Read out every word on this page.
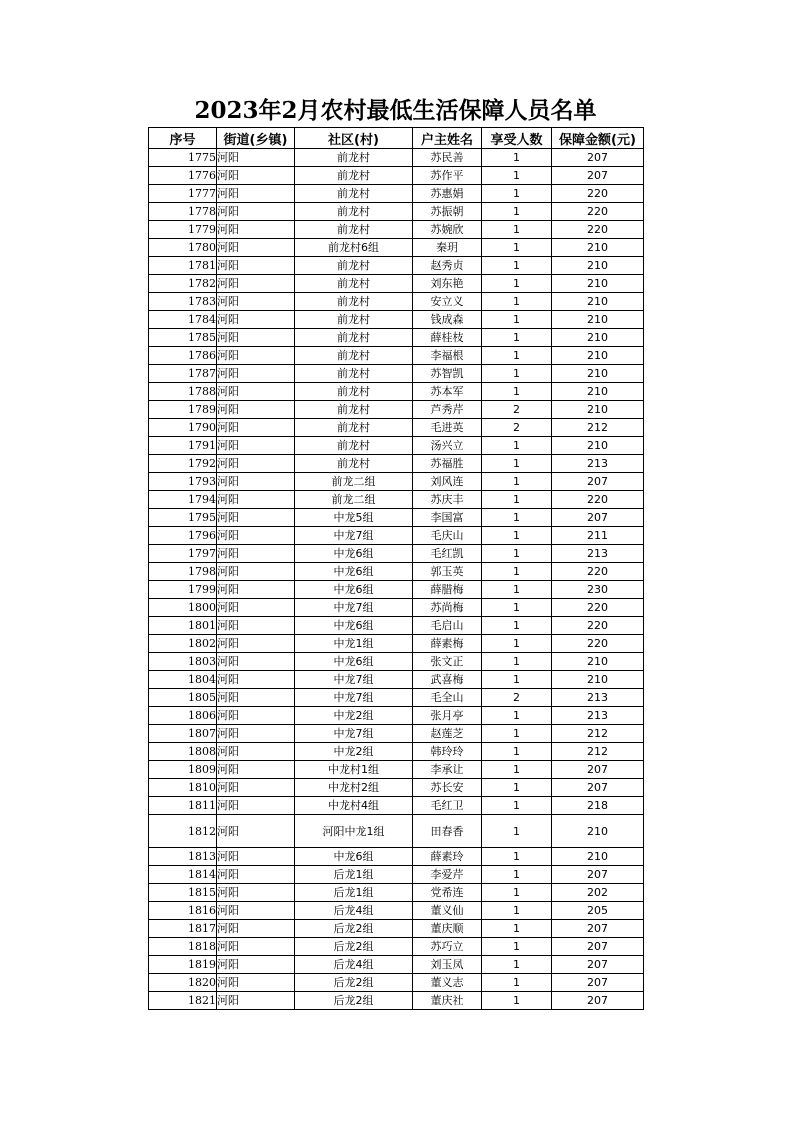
2023年2月农村最低生活保障人员名单
序号	街道(乡镇)	社区(村)	户主姓名	享受人数	保障金额(元)
1775	河阳	前龙村	苏民善	1	207
1776	河阳	前龙村	苏作平	1	207
1777	河阳	前龙村	苏惠娟	1	220
1778	河阳	前龙村	苏振朝	1	220
1779	河阳	前龙村	苏婉欣	1	220
1780	河阳	前龙村6组	秦玥	1	210
1781	河阳	前龙村	赵秀贞	1	210
1782	河阳	前龙村	刘东艳	1	210
1783	河阳	前龙村	安立义	1	210
1784	河阳	前龙村	钱成森	1	210
1785	河阳	前龙村	薛桂枝	1	210
1786	河阳	前龙村	李福根	1	210
1787	河阳	前龙村	苏智凯	1	210
1788	河阳	前龙村	苏本军	1	210
1789	河阳	前龙村	芦秀芹	2	210
1790	河阳	前龙村	毛进英	2	212
1791	河阳	前龙村	汤兴立	1	210
1792	河阳	前龙村	苏福胜	1	213
1793	河阳	前龙二组	刘风连	1	207
1794	河阳	前龙二组	苏庆丰	1	220
1795	河阳	中龙5组	李国富	1	207
1796	河阳	中龙7组	毛庆山	1	211
1797	河阳	中龙6组	毛红凯	1	213
1798	河阳	中龙6组	郭玉英	1	220
1799	河阳	中龙6组	薛腊梅	1	230
1800	河阳	中龙7组	苏尚梅	1	220
1801	河阳	中龙6组	毛启山	1	220
1802	河阳	中龙1组	薛素梅	1	220
1803	河阳	中龙6组	张文正	1	210
1804	河阳	中龙7组	武喜梅	1	210
1805	河阳	中龙7组	毛全山	2	213
1806	河阳	中龙2组	张月亭	1	213
1807	河阳	中龙7组	赵莲芝	1	212
1808	河阳	中龙2组	韩玲玲	1	212
1809	河阳	中龙村1组	李承让	1	207
1810	河阳	中龙村2组	苏长安	1	207
1811	河阳	中龙村4组	毛红卫	1	218
1812	河阳	河阳中龙1组	田春香	1	210
1813	河阳	中龙6组	薛素玲	1	210
1814	河阳	后龙1组	李爱芹	1	207
1815	河阳	后龙1组	党希连	1	202
1816	河阳	后龙4组	董义仙	1	205
1817	河阳	后龙2组	董庆顺	1	207
1818	河阳	后龙2组	苏巧立	1	207
1819	河阳	后龙4组	刘玉凤	1	207
1820	河阳	后龙2组	董义志	1	207
1821	河阳	后龙2组	董庆社	1	207
